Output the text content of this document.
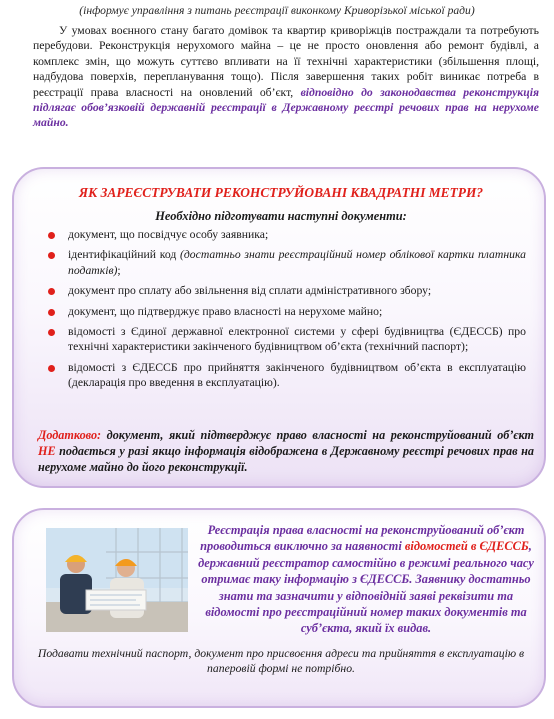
(інформує управління з питань реєстрації виконкому Криворізької міської ради)

У умовах воєнного стану багато домівок та квартир криворіжців постраждали та потребують перебудови. Реконструкція нерухомого майна – це не просто оновлення або ремонт будівлі, а комплекс змін, що можуть суттєво впливати на її технічні характеристики (збільшення площі, надбудова поверхів, перепланування тощо). Після завершення таких робіт виникає потреба в реєстрації права власності на оновлений об’єкт, відповідно до законодавства реконструкція підлягає обов’язковій державній реєстрації в Державному реєстрі речових прав на нерухоме майно.

ЯК ЗАРЕЄСТРУВАТИ РЕКОНСТРУЙОВАНІ КВАДРАТНІ МЕТРИ?
Необхідно підготувати наступні документи:
документ, що посвідчує особу заявника;
ідентифікаційний код (достатньо знати реєстраційний номер облікової картки платника податків);
документ про сплату або звільнення від сплати адміністративного збору;
документ, що підтверджує право власності на нерухоме майно;
відомості з Єдиної державної електронної системи у сфері будівництва (ЄДЕССБ) про технічні характеристики закінченого будівництвом об’єкта (технічний паспорт);
відомості з ЄДЕССБ про прийняття закінченого будівництвом об’єкта в експлуатацію (декларація про введення в експлуатацію).
Додатково: документ, який підтверджує право власності на реконструйований об’єкт НЕ подається у разі якщо інформація відображена в Державному реєстрі речових прав на нерухоме майно до його реконструкції.
Реєстрація права власності на реконструйований об’єкт проводиться виключно за наявності відомостей в ЄДЕССБ, державний реєстратор самостійно в режимі реального часу отримає таку інформацію з ЄДЕССБ. Заявнику достатньо знати та зазначити у відповідній заяві реквізити та відомості про реєстраційний номер таких документів та суб’єкта, який їх видав.
Подавати технічний паспорт, документ про присвоєння адреси та прийняття в експлуатацію в паперовій формі не потрібно.
